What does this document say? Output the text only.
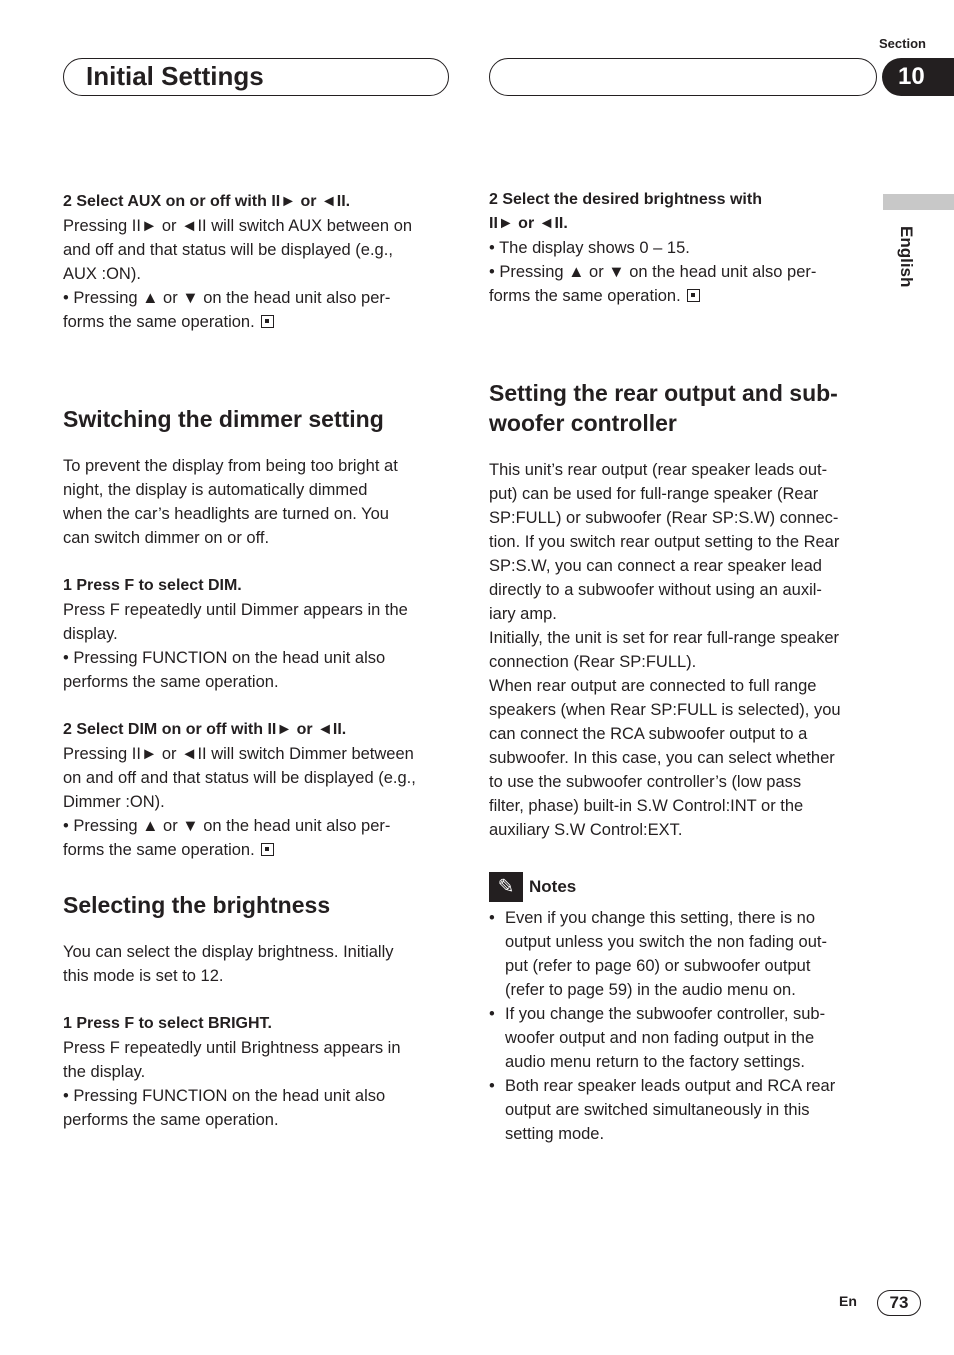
Initial Settings
Section
10
English

2 Select AUX on or off with II► or ◄II.

Pressing II► or ◄II will switch AUX between on

and off and that status will be displayed (e.g.,

AUX :ON).

• Pressing ▲ or ▼ on the head unit also per-

forms the same operation.

Switching the dimmer setting

To prevent the display from being too bright at

night, the display is automatically dimmed

when the car’s headlights are turned on. You

can switch dimmer on or off.

1 Press F to select DIM.

Press F repeatedly until Dimmer appears in the

display.

• Pressing FUNCTION on the head unit also

performs the same operation.

2 Select DIM on or off with II► or ◄II.

Pressing II► or ◄II will switch Dimmer between

on and off and that status will be displayed (e.g.,

Dimmer :ON).

• Pressing ▲ or ▼ on the head unit also per-

forms the same operation.

Selecting the brightness

You can select the display brightness. Initially

this mode is set to 12.

1 Press F to select BRIGHT.

Press F repeatedly until Brightness appears in

the display.

• Pressing FUNCTION on the head unit also

performs the same operation.

2 Select the desired brightness with

II► or ◄II.

• The display shows 0 – 15.

• Pressing ▲ or ▼ on the head unit also per-

forms the same operation.

Setting the rear output and sub-

woofer controller

This unit’s rear output (rear speaker leads out-

put) can be used for full-range speaker (Rear

SP:FULL) or subwoofer (Rear SP:S.W) connec-

tion. If you switch rear output setting to the Rear

SP:S.W, you can connect a rear speaker lead

directly to a subwoofer without using an auxil-

iary amp.

Initially, the unit is set for rear full-range speaker

connection (Rear SP:FULL).

When rear output are connected to full range

speakers (when Rear SP:FULL is selected), you

can connect the RCA subwoofer output to a

subwoofer. In this case, you can select whether

to use the subwoofer controller’s (low pass

filter, phase) built-in S.W Control:INT or the

auxiliary S.W Control:EXT.

✎ Notes
• Even if you change this setting, there is no
output unless you switch the non fading out-
put (refer to page 60) or subwoofer output
(refer to page 59) in the audio menu on.
• If you change the subwoofer controller, sub-
woofer output and non fading output in the
audio menu return to the factory settings.
• Both rear speaker leads output and RCA rear
output are switched simultaneously in this
setting mode.
En	73
